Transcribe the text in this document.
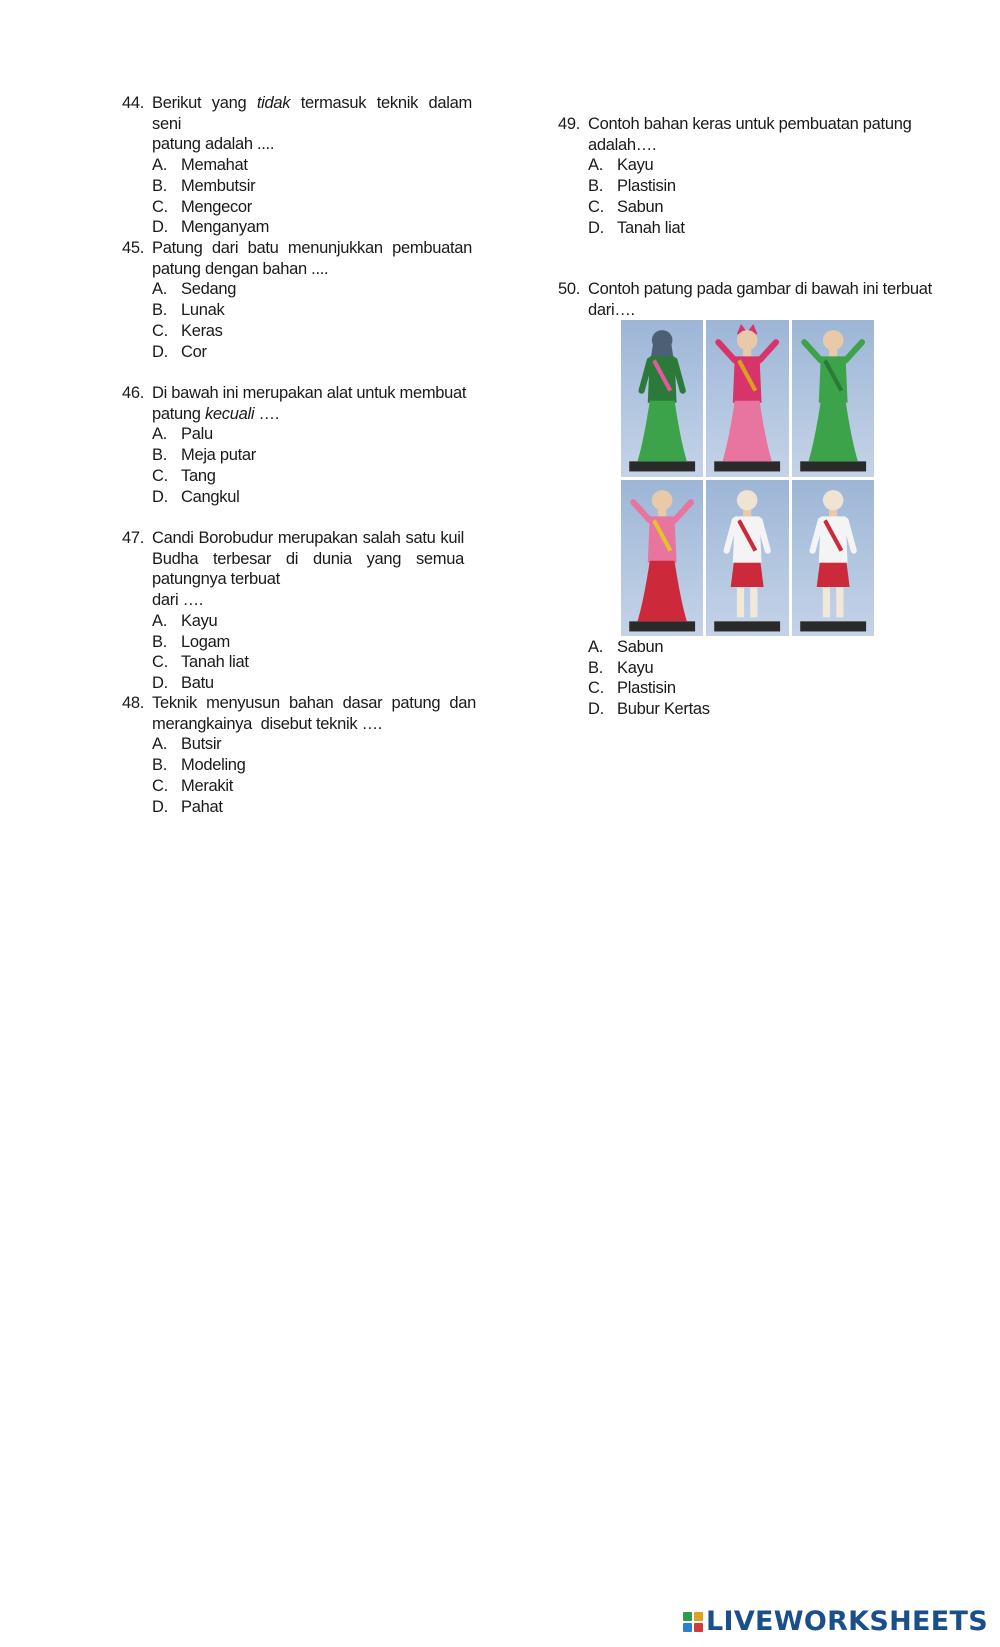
44. Berikut yang tidak termasuk teknik dalam seni
patung adalah ....
A. Memahat
B. Membutsir
C. Mengecor
D. Menganyam
45. Patung dari batu menunjukkan pembuatan
patung dengan bahan ....
A. Sedang
B. Lunak
C. Keras
D. Cor
46. Di bawah ini merupakan alat untuk membuat
patung kecuali ….
A. Palu
B. Meja putar
C. Tang
D. Cangkul
47. Candi Borobudur merupakan salah satu kuil
Budha terbesar di dunia yang semua
patungnya terbuat
dari ….
A. Kayu
B. Logam
C. Tanah liat
D. Batu
48. Teknik menyusun bahan dasar patung dan
merangkainya  disebut teknik ….
A. Butsir
B. Modeling
C. Merakit
D. Pahat
49. Contoh bahan keras untuk pembuatan patung
adalah….
A. Kayu
B. Plastisin
C. Sabun
D. Tanah liat
50. Contoh patung pada gambar di bawah ini terbuat
dari….
A. Sabun
B. Kayu
C. Plastisin
D. Bubur Kertas
LIVEWORKSHEETS
